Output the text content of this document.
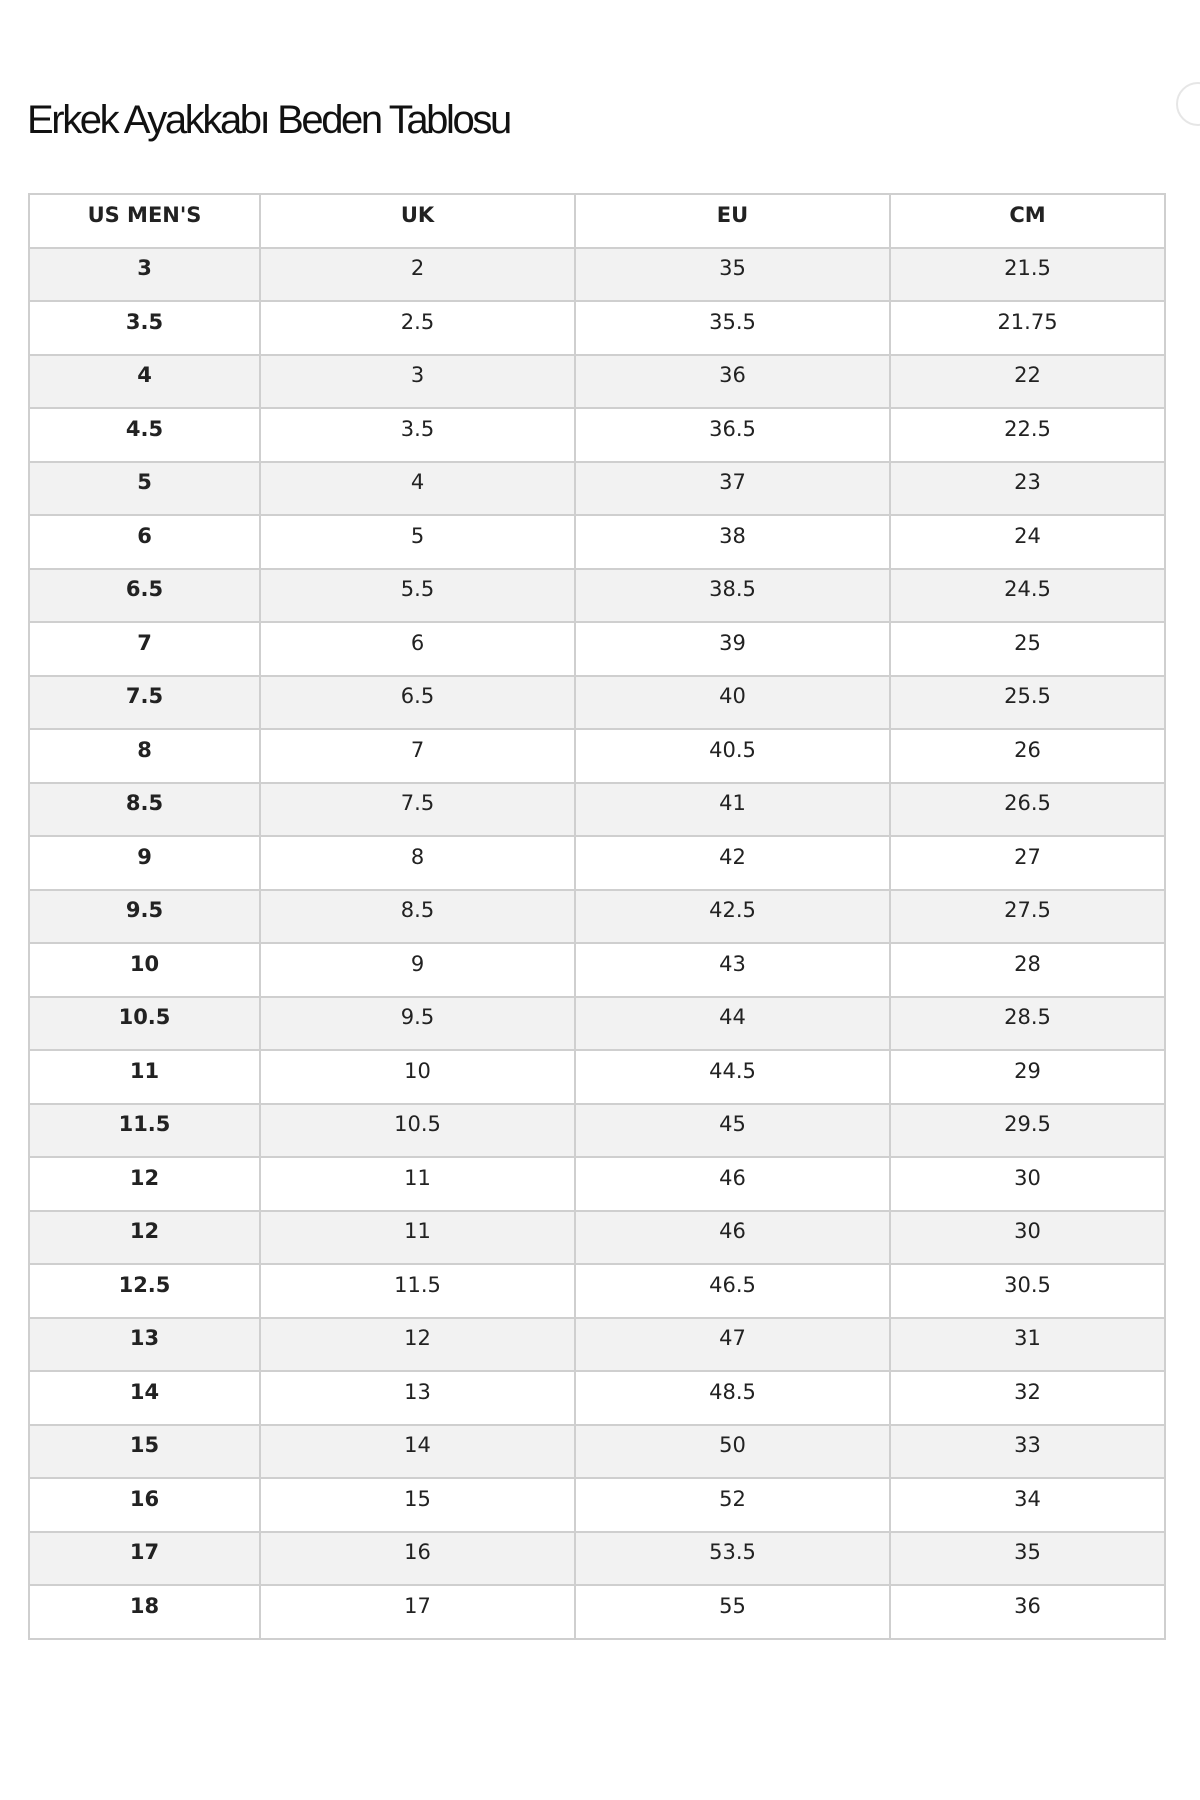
Erkek Ayakkabı Beden Tablosu
US MEN'S	UK	EU	CM
3	2	35	21.5
3.5	2.5	35.5	21.75
4	3	36	22
4.5	3.5	36.5	22.5
5	4	37	23
6	5	38	24
6.5	5.5	38.5	24.5
7	6	39	25
7.5	6.5	40	25.5
8	7	40.5	26
8.5	7.5	41	26.5
9	8	42	27
9.5	8.5	42.5	27.5
10	9	43	28
10.5	9.5	44	28.5
11	10	44.5	29
11.5	10.5	45	29.5
12	11	46	30
12	11	46	30
12.5	11.5	46.5	30.5
13	12	47	31
14	13	48.5	32
15	14	50	33
16	15	52	34
17	16	53.5	35
18	17	55	36
